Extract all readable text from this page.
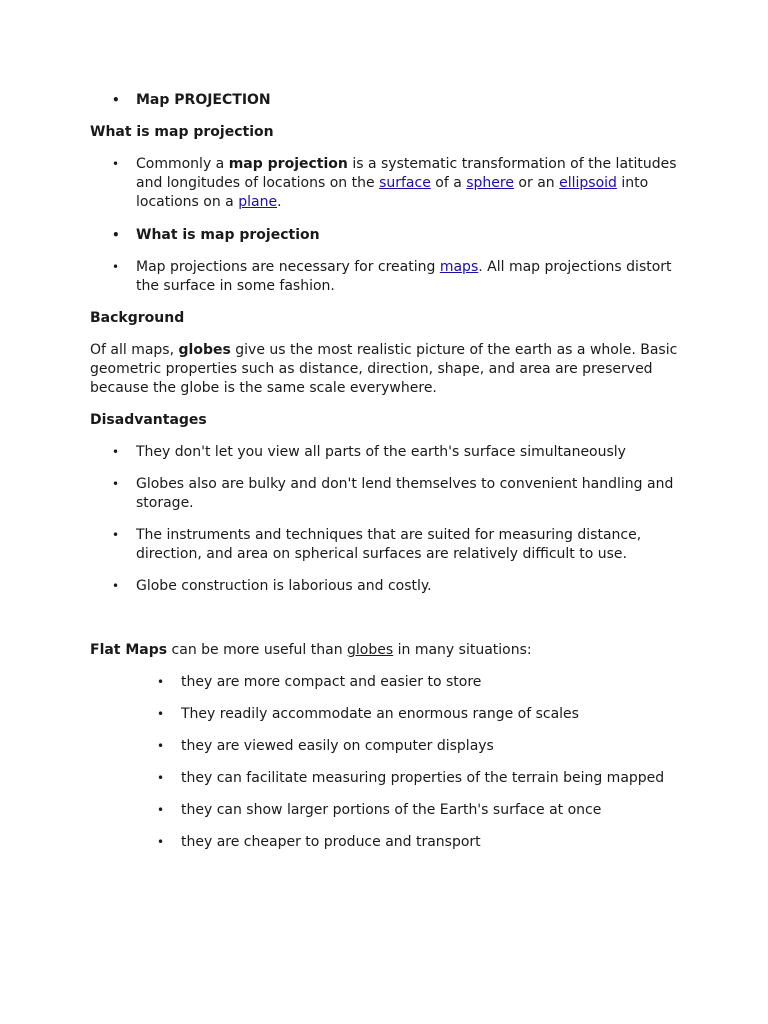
• Map PROJECTION
What is map projection
• Commonly a map projection is a systematic transformation of the latitudes and longitudes of locations on the surface of a sphere or an ellipsoid into locations on a plane.
• What is map projection
• Map projections are necessary for creating maps. All map projections distort the surface in some fashion.
Background
Of all maps, globes give us the most realistic picture of the earth as a whole. Basic geometric properties such as distance, direction, shape, and area are preserved because the globe is the same scale everywhere.
Disadvantages
• They don't let you view all parts of the earth's surface simultaneously
• Globes also are bulky and don't lend themselves to convenient handling and storage.
• The instruments and techniques that are suited for measuring distance, direction, and area on spherical surfaces are relatively difficult to use.
• Globe construction is laborious and costly.
Flat Maps can be more useful than globes in many situations:
• they are more compact and easier to store
• They readily accommodate an enormous range of scales
• they are viewed easily on computer displays
• they can facilitate measuring properties of the terrain being mapped
• they can show larger portions of the Earth's surface at once
• they are cheaper to produce and transport
